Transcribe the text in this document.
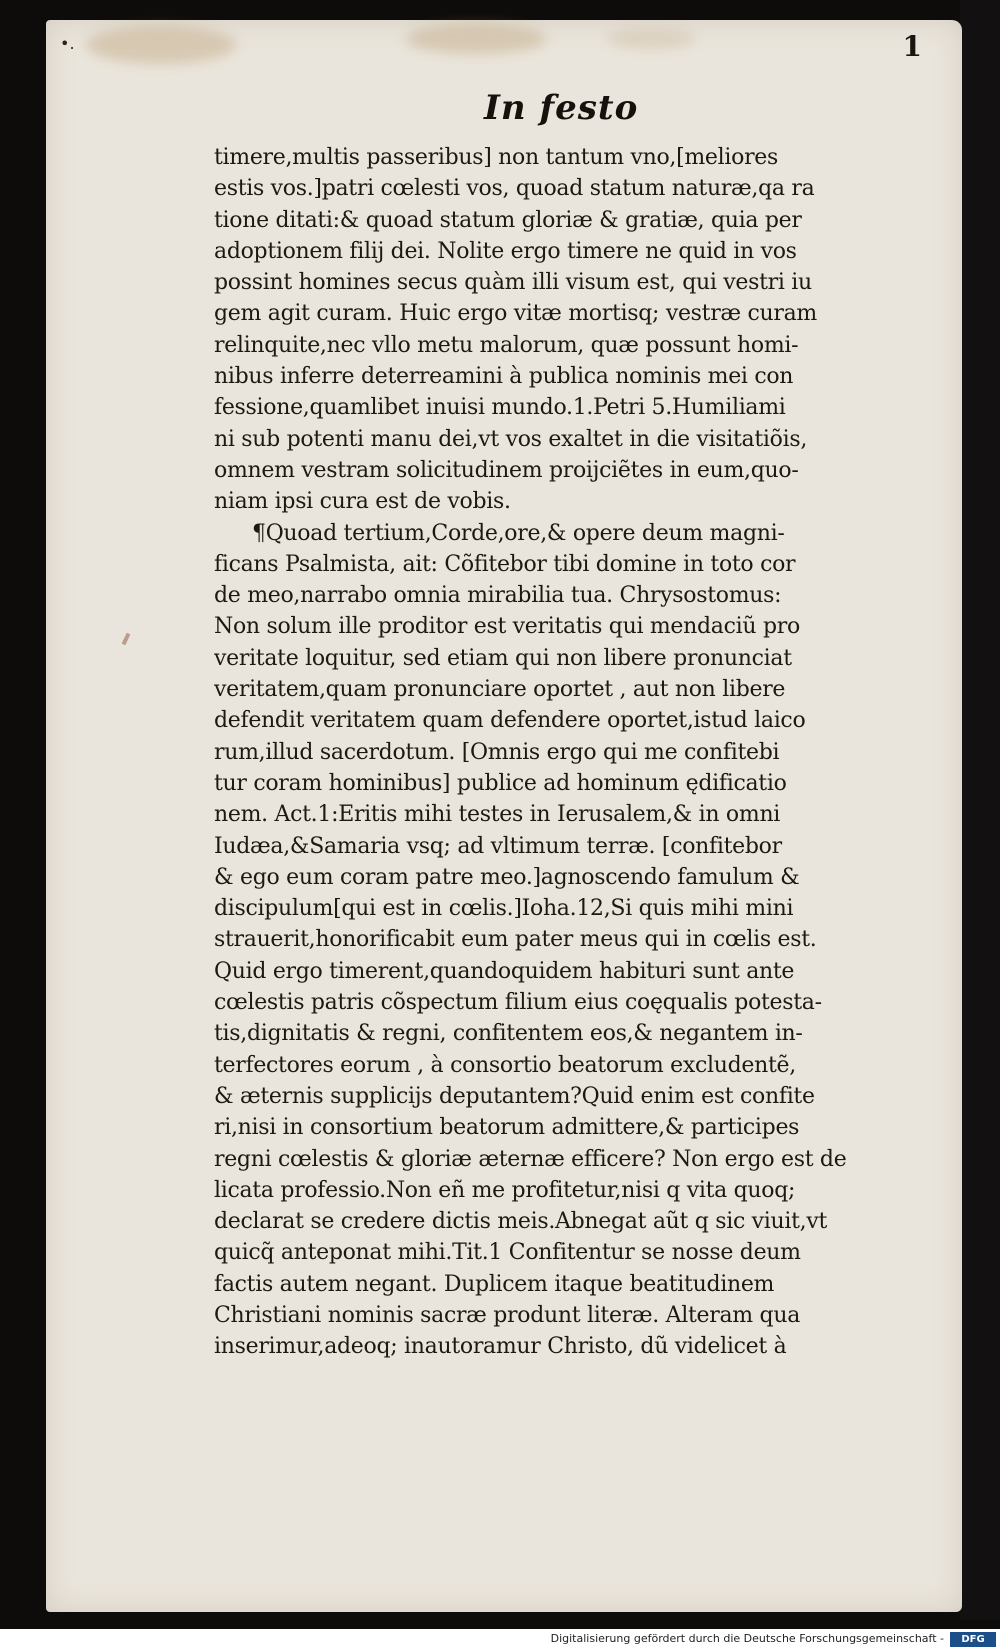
•.	1
In festo
timere,multis passeribus] non tantum vno,[meliores
estis vos.]patri cœlesti vos, quoad statum naturæ,qa ra
tione ditati:& quoad statum gloriæ & gratiæ, quia per
adoptionem filij dei. Nolite ergo timere ne quid in vos
possint homines secus quàm illi visum est, qui vestri iu
gem agit curam. Huic ergo vitæ mortisq; vestræ curam
relinquite,nec vllo metu malorum, quæ possunt homi-
nibus inferre deterreamini à publica nominis mei con
fessione,quamlibet inuisi mundo.1.Petri 5.Humiliami
ni sub potenti manu dei,vt vos exaltet in die visitatiõis,
omnem vestram solicitudinem proijciẽtes in eum,quo-
niam ipsi cura est de vobis.
¶Quoad tertium,Corde,ore,& opere deum magni-
ficans Psalmista, ait: Cõfitebor tibi domine in toto cor
de meo,narrabo omnia mirabilia tua. Chrysostomus:
Non solum ille proditor est veritatis qui mendaciũ pro
veritate loquitur, sed etiam qui non libere pronunciat
veritatem,quam pronunciare oportet , aut non libere
defendit veritatem quam defendere oportet,istud laico
rum,illud sacerdotum. [Omnis ergo qui me confitebi
tur coram hominibus] publice ad hominum ędificatio
nem. Act.1:Eritis mihi testes in Ierusalem,& in omni
Iudæa,&Samaria vsq; ad vltimum terræ. [confitebor
& ego eum coram patre meo.]agnoscendo famulum &
discipulum[qui est in cœlis.]Ioha.12,Si quis mihi mini
strauerit,honorificabit eum pater meus qui in cœlis est.
Quid ergo timerent,quandoquidem habituri sunt ante
cœlestis patris cõspectum filium eius coęqualis potesta-
tis,dignitatis & regni, confitentem eos,& negantem in-
terfectores eorum , à consortio beatorum excludentẽ,
& æternis supplicijs deputantem?Quid enim est confite
ri,nisi in consortium beatorum admittere,& participes
regni cœlestis & gloriæ æternæ efficere? Non ergo est de
licata professio.Non eñ me profitetur,nisi q vita quoq;
declarat se credere dictis meis.Abnegat aũt q sic viuit,vt
quicq̃ anteponat mihi.Tit.1 Confitentur se nosse deum
factis autem negant. Duplicem itaque beatitudinem
Christiani nominis sacræ produnt literæ. Alteram qua
inserimur,adeoq; inautoramur Christo, dũ videlicet à
Digitalisierung gefördert durch die Deutsche Forschungsgemeinschaft -	DFG
